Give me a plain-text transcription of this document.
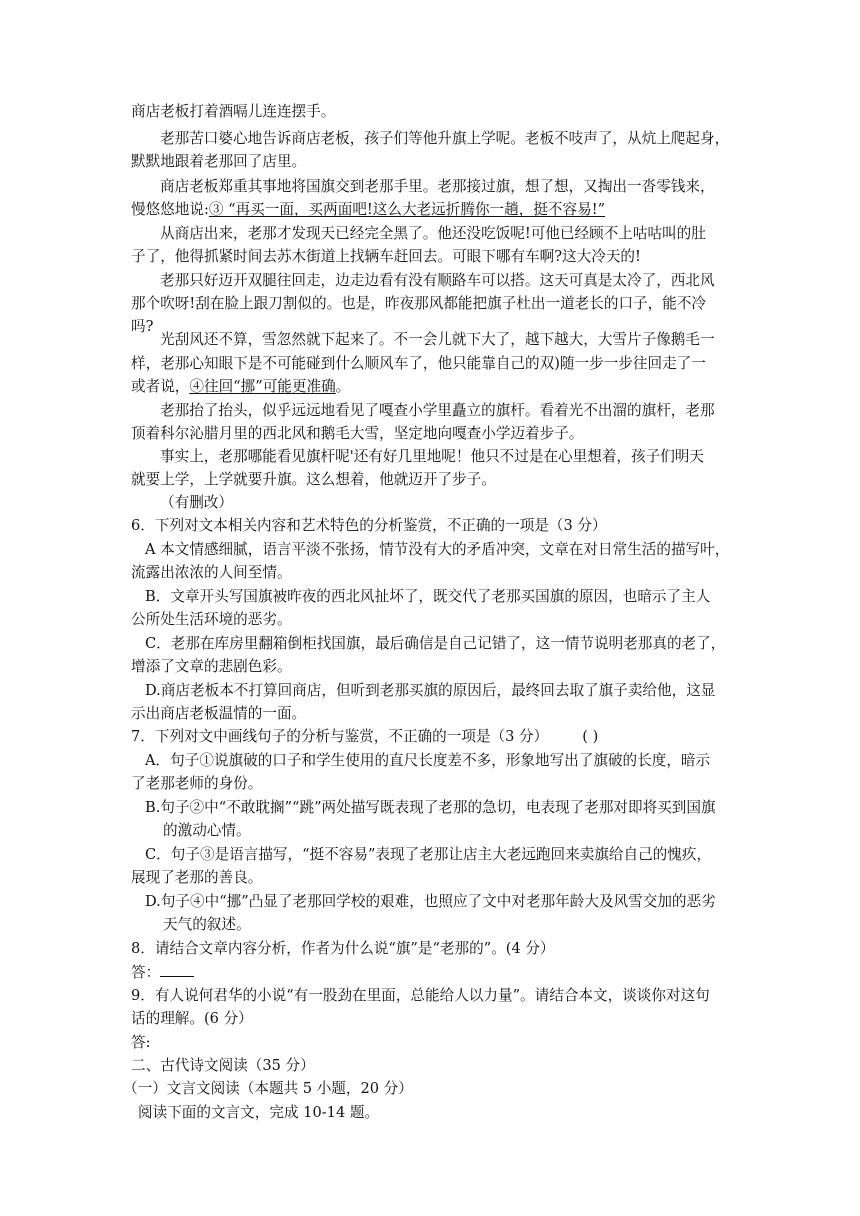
商店老板打着酒嗝儿连连摆手。
老那苦口婆心地告诉商店老板，孩子们等他升旗上学呢。老板不吱声了，从炕上爬起身，
默默地跟着老那回了店里。
商店老板郑重其事地将国旗交到老那手里。老那接过旗，想了想，又掏出一沓零钱来，
慢悠悠地说:③ “再买一面，买两面吧!这么大老远折腾你一趟，挺不容易!”
从商店出来，老那才发现天已经完全黑了。他还没吃饭呢!可他已经顾不上咕咕叫的肚
子了，他得抓紧时间去苏木街道上找辆车赶回去。可眼下哪有车啊?这大冷天的!
老那只好迈开双腿往回走，边走边看有没有顺路车可以搭。这天可真是太冷了，西北风
那个吹呀!刮在脸上跟刀割似的。也是，昨夜那风都能把旗子杜出一道老长的口子，能不冷
吗?
光刮风还不算，雪忽然就下起来了。不一会儿就下大了，越下越大，大雪片子像鹅毛一
样，老那心知眼下是不可能碰到什么顺风车了，他只能靠自己的双)随一步一步往回走了一
或者说，④往回“挪”可能更准确。
老那抬了抬头，似乎远远地看见了嘎查小学里矗立的旗杆。看着光不出溜的旗杆，老那
顶着科尔沁腊月里的西北风和鹅毛大雪，坚定地向嘎查小学迈着步子。
事实上，老那哪能看见旗杆呢'还有好几里地呢！他只不过是在心里想着，孩子们明天
就要上学，上学就要升旗。这么想着，他就迈开了步子。
（有删改）
6．下列对文本相关内容和艺术特色的分析鉴赏，不正确的一项是（3 分）
A 本文情感细腻，语言平淡不张扬，情节没有大的矛盾冲突，文章在对日常生活的描写叶，
流露出浓浓的人间至情。
B．文章开头写国旗被昨夜的西北风扯坏了，既交代了老那买国旗的原因，也暗示了主人
公所处生活环境的恶劣。
C．老那在库房里翻箱倒柜找国旗，最后确信是自己记错了，这一情节说明老那真的老了，
增添了文章的悲剧色彩。
D.商店老板本不打算回商店，但听到老那买旗的原因后，最终回去取了旗子卖给他，这显
示出商店老板温情的一面。
7．下列对文中画线句子的分析与鉴赏，不正确的一项是（3 分） ( )
A．句子①说旗破的口子和学生使用的直尺长度差不多，形象地写出了旗破的长度，暗示
了老那老师的身份。
B.句子②中“不敢耽搁”“跳”两处描写既表现了老那的急切，电表现了老那对即将买到国旗
的激动心情。
C．句子③是语言描写，“挺不容易”表现了老那让店主大老远跑回来卖旗给自己的愧疚，
展现了老那的善良。
D.句子④中“挪”凸显了老那回学校的艰难，也照应了文中对老那年龄大及风雪交加的恶劣
天气的叙述。
8．请结合文章内容分析，作者为什么说“旗”是“老那的”。(4 分）
答：
9．有人说何君华的小说“有一股劲在里面，总能给人以力量”。请结合本文，谈谈你对这句
话的理解。(6 分）
答:
二、古代诗文阅读（35 分）
（一）文言文阅读（本题共 5 小题，20 分）
阅读下面的文言文，完成 10-14 题。
